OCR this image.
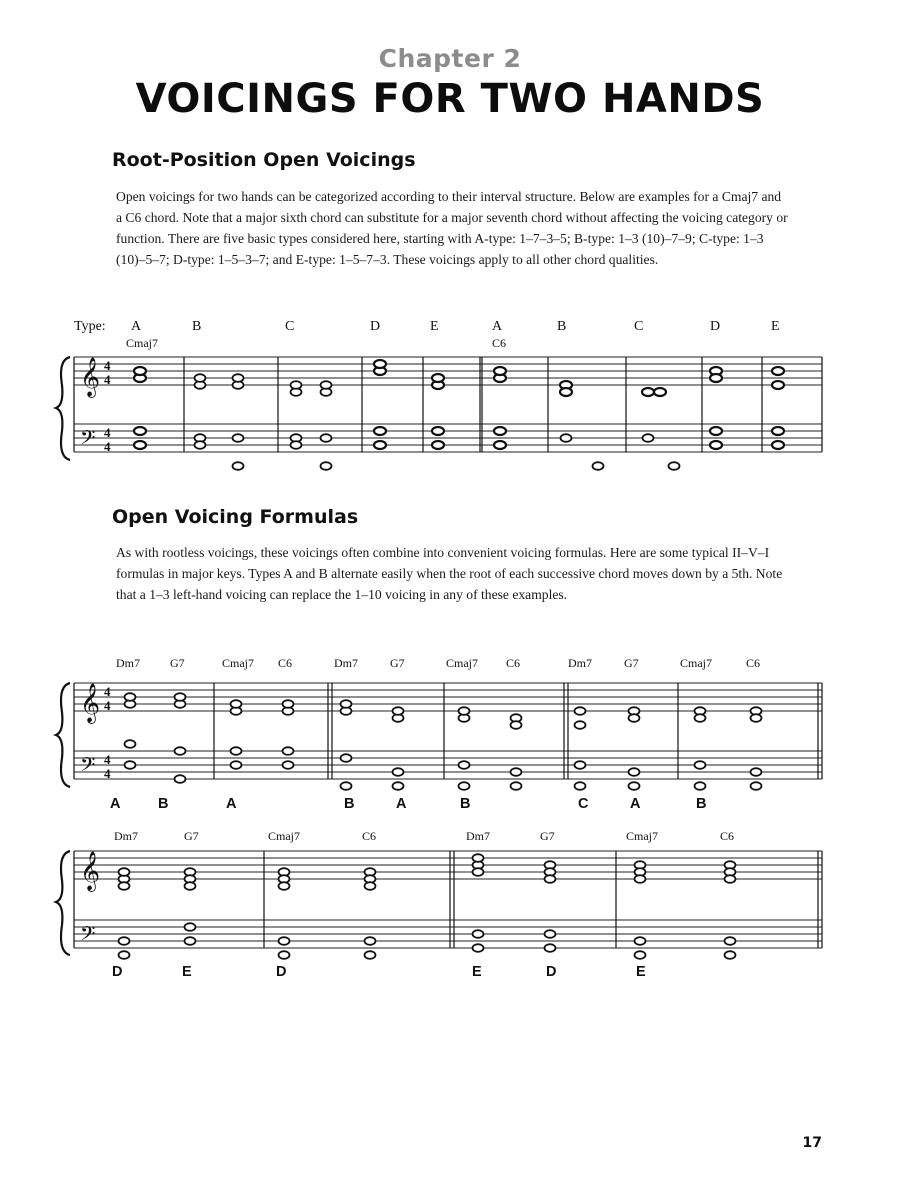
Chapter 2
VOICINGS FOR TWO HANDS
Root-Position Open Voicings
Open voicings for two hands can be categorized according to their interval structure. Below are examples for a Cmaj7 and a C6 chord. Note that a major sixth chord can substitute for a major seventh chord without affecting the voicing category or function. There are five basic types considered here, starting with A-type: 1–7–3–5; B-type: 1–3 (10)–7–9; C-type: 1–3 (10)–5–7; D-type: 1–5–3–7; and E-type: 1–5–7–3. These voicings apply to all other chord qualities.
Type: A	B	C	D	E	A	B	C	D	E
Cmaj7	C6
𝄞
𝄢
4
4
4
4
Open Voicing Formulas
As with rootless voicings, these voicings often combine into convenient voicing formulas. Here are some typical II–V–I formulas in major keys. Types A and B alternate easily when the root of each successive chord moves down by a 5th. Note that a 1–3 left-hand voicing can replace the 1–10 voicing in any of these examples.
Dm7	G7	Cmaj7 C6	Dm7	G7	Cmaj7 C6	Dm7	G7	Cmaj7	C6
𝄞
𝄢
4
4
4
4
A	B	A	B	A	B	C	A	B
Dm7	G7	Cmaj7	C6	Dm7	G7	Cmaj7	C6
𝄞
𝄢
D	E	D	E	D	E
17
